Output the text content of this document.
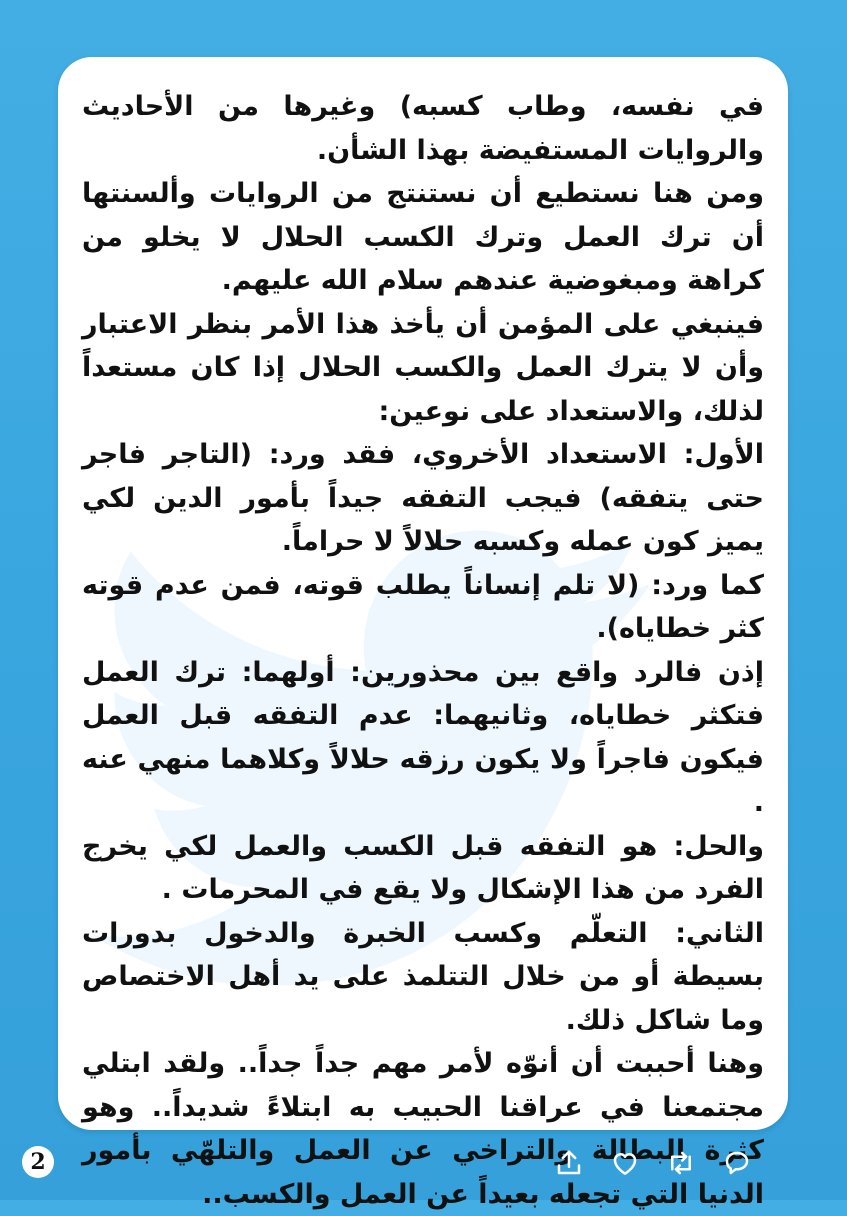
في نفسه، وطاب كسبه) وغيرها من الأحاديث والروايات المستفيضة بهذا الشأن.

ومن هنا نستطيع أن نستنتج من الروايات وألسنتها أن ترك العمل وترك الكسب الحلال لا يخلو من كراهة ومبغوضية عندهم سلام الله عليهم.

فينبغي على المؤمن أن يأخذ هذا الأمر بنظر الاعتبار وأن لا يترك العمل والكسب الحلال إذا كان مستعداً لذلك، والاستعداد على نوعين:

الأول: الاستعداد الأخروي، فقد ورد: (التاجر فاجر حتى يتفقه) فيجب التفقه جيداً بأمور الدين لكي يميز كون عمله وكسبه حلالاً لا حراماً.

كما ورد: (لا تلم إنساناً يطلب قوته، فمن عدم قوته كثر خطاياه).

إذن فالرد واقع بين محذورين: أولهما: ترك العمل فتكثر خطاياه، وثانيهما: عدم التفقه قبل العمل فيكون فاجراً ولا يكون رزقه حلالاً وكلاهما منهي عنه .

والحل: هو التفقه قبل الكسب والعمل لكي يخرج الفرد من هذا الإشكال ولا يقع في المحرمات .

الثاني: التعلّم وكسب الخبرة والدخول بدورات بسيطة أو من خلال التتلمذ على يد أهل الاختصاص وما شاكل ذلك.

وهنا أحببت أن أنوّه لأمر مهم جداً جداً.. ولقد ابتلي مجتمعنا في عراقنا الحبيب به ابتلاءً شديداً.. وهو كثرة البطالة والتراخي عن العمل والتلهّي بأمور الدنيا التي تجعله بعيداً عن العمل والكسب..

2
